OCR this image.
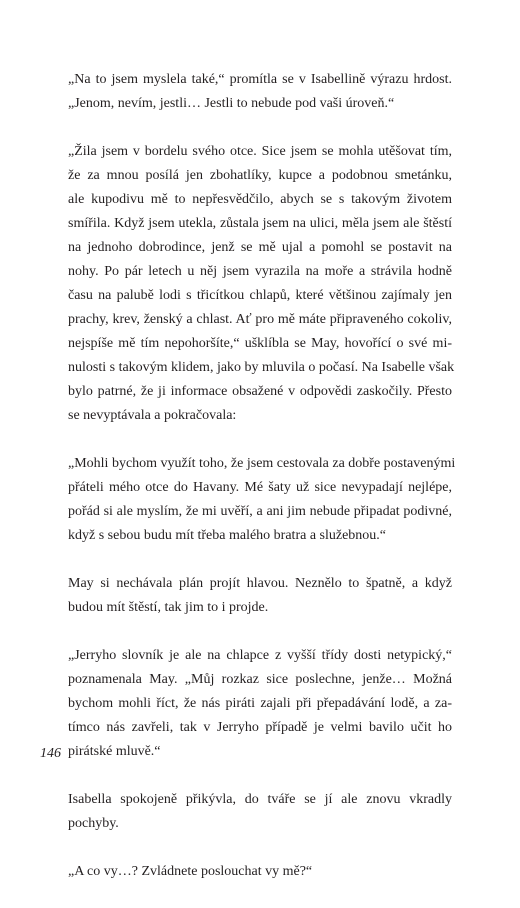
„Na to jsem myslela také,“ promítla se v Isabellině výrazu hrdost.
„Jenom, nevím, jestli… Jestli to nebude pod vaši úroveň.“

„Žila jsem v bordelu svého otce. Sice jsem se mohla utěšovat tím,
že za mnou posílá jen zbohatlíky, kupce a podobnou smetánku,
ale kupodivu mě to nepřesvědčilo, abych se s takovým životem
smířila. Když jsem utekla, zůstala jsem na ulici, měla jsem ale štěstí
na jednoho dobrodince, jenž se mě ujal a pomohl se postavit na
nohy. Po pár letech u něj jsem vyrazila na moře a strávila hodně
času na palubě lodi s třicítkou chlapů, které většinou zajímaly jen
prachy, krev, ženský a chlast. Ať pro mě máte připraveného cokoliv,
nejspíše mě tím nepohoršíte,“ ušklíbla se May, hovořící o své mi-
nulosti s takovým klidem, jako by mluvila o počasí. Na Isabelle však
bylo patrné, že ji informace obsažené v odpovědi zaskočily. Přesto
se nevyptávala a pokračovala:

„Mohli bychom využít toho, že jsem cestovala za dobře postavenými
přáteli mého otce do Havany. Mé šaty už sice nevypadají nejlépe,
pořád si ale myslím, že mi uvěří, a ani jim nebude připadat podivné,
když s sebou budu mít třeba malého bratra a služebnou.“

May si nechávala plán projít hlavou. Neznělo to špatně, a když
budou mít štěstí, tak jim to i projde.

„Jerryho slovník je ale na chlapce z vyšší třídy dosti netypický,“
poznamenala May. „Můj rozkaz sice poslechne, jenže… Možná
bychom mohli říct, že nás piráti zajali při přepadávání lodě, a za-
tímco nás zavřeli, tak v Jerryho případě je velmi bavilo učit ho
pirátské mluvě.“

Isabella spokojeně přikývla, do tváře se jí ale znovu vkradly
pochyby.

„A co vy…? Zvládnete poslouchat vy mě?“

146
